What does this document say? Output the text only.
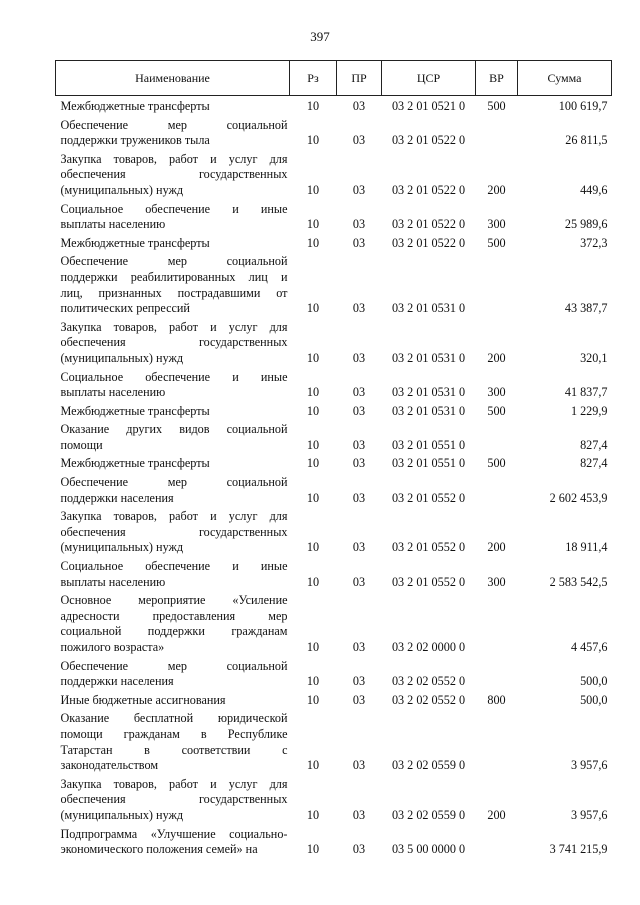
397
Наименование	Рз	ПР	ЦСР	ВР	Сумма

Межбюджетные трансферты	10	03	03 2 01 0521 0	500	100 619,7

Обеспечение мер социальной
поддержки тружеников тыла	10	03	03 2 01 0522 0		26 811,5

Закупка товаров, работ и услуг для
обеспечения государственных
(муниципальных) нужд	10	03	03 2 01 0522 0	200	449,6

Социальное обеспечение и иные
выплаты населению	10	03	03 2 01 0522 0	300	25 989,6

Межбюджетные трансферты	10	03	03 2 01 0522 0	500	372,3

Обеспечение мер социальной
поддержки реабилитированных лиц и
лиц, признанных пострадавшими от
политических репрессий	10	03	03 2 01 0531 0		43 387,7

Закупка товаров, работ и услуг для
обеспечения государственных
(муниципальных) нужд	10	03	03 2 01 0531 0	200	320,1

Социальное обеспечение и иные
выплаты населению	10	03	03 2 01 0531 0	300	41 837,7

Межбюджетные трансферты	10	03	03 2 01 0531 0	500	1 229,9

Оказание других видов социальной
помощи	10	03	03 2 01 0551 0		827,4

Межбюджетные трансферты	10	03	03 2 01 0551 0	500	827,4

Обеспечение мер социальной
поддержки населения	10	03	03 2 01 0552 0		2 602 453,9

Закупка товаров, работ и услуг для
обеспечения государственных
(муниципальных) нужд	10	03	03 2 01 0552 0	200	18 911,4

Социальное обеспечение и иные
выплаты населению	10	03	03 2 01 0552 0	300	2 583 542,5

Основное мероприятие «Усиление
адресности предоставления мер
социальной поддержки гражданам
пожилого возраста»	10	03	03 2 02 0000 0		4 457,6

Обеспечение мер социальной
поддержки населения	10	03	03 2 02 0552 0		500,0

Иные бюджетные ассигнования	10	03	03 2 02 0552 0	800	500,0

Оказание бесплатной юридической
помощи гражданам в Республике
Татарстан в соответствии с
законодательством	10	03	03 2 02 0559 0		3 957,6

Закупка товаров, работ и услуг для
обеспечения государственных
(муниципальных) нужд	10	03	03 2 02 0559 0	200	3 957,6

Подпрограмма «Улучшение социально-
экономического положения семей» на	10	03	03 5 00 0000 0		3 741 215,9
